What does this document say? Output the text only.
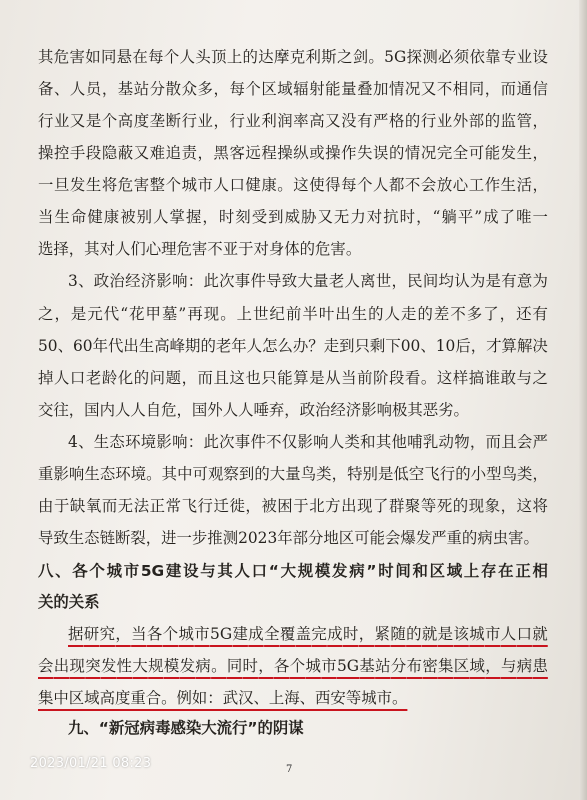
其 危 害 如 同 悬 在 每 个 人 头 顶 上 的 达 摩 克 利 斯 之 剑 。 5G 探 测 必 须 依 靠 专 业 设
备 、 人 员 ， 基 站 分 散 众 多 ， 每 个 区 域 辐 射 能 量 叠 加 情 况 又 不 相 同 ， 而 通 信
行 业 又 是 个 高 度 垄 断 行 业 ， 行 业 利 润 率 高 又 没 有 严 格 的 行 业 外 部 的 监 管 ，
操 控 手 段 隐 蔽 又 难 追 责 ， 黑 客 远 程 操 纵 或 操 作 失 误 的 情 况 完 全 可 能 发 生 ，
一 旦 发 生 将 危 害 整 个 城 市 人 口 健 康 。 这 使 得 每 个 人 都 不 会 放 心 工 作 生 活 ，
当 生 命 健 康 被 别 人 掌 握 ， 时 刻 受 到 威 胁 又 无 力 对 抗 时 ， “ 躺 平 ” 成 了 唯 一
选择，其对人们心理危害不亚于对身体的危害。
3 、 政 治 经 济 影 响 ： 此 次 事 件 导 致 大 量 老 人 离 世 ， 民 间 均 认 为 是 有 意 为
之 ， 是 元 代 “ 花 甲 墓 ” 再 现 。 上 世 纪 前 半 叶 出 生 的 人 走 的 差 不 多 了 ， 还 有
50 、 60 年 代 出 生 高 峰 期 的 老 年 人 怎 么 办 ？ 走 到 只 剩 下 00 、 10 后 ， 才 算 解 决
掉 人 口 老 龄 化 的 问 题 ， 而 且 这 也 只 能 算 是 从 当 前 阶 段 看 。 这 样 搞 谁 敢 与 之
交往，国内人人自危，国外人人唾弃，政治经济影响极其恶劣。
4 、 生 态 环 境 影 响 ： 此 次 事 件 不 仅 影 响 人 类 和 其 他 哺 乳 动 物 ， 而 且 会 严
重 影 响 生 态 环 境 。 其 中 可 观 察 到 的 大 量 鸟 类 ， 特 别 是 低 空 飞 行 的 小 型 鸟 类 ，
由 于 缺 氧 而 无 法 正 常 飞 行 迁 徙 ， 被 困 于 北 方 出 现 了 群 聚 等 死 的 现 象 ， 这 将
导致生态链断裂，进一步推测2023年部分地区可能会爆发严重的病虫害。
八 、 各 个 城 市 5G 建 设 与 其 人 口 “ 大 规 模 发 病 ” 时 间 和 区 域 上 存 在 正 相
关的关系
据 研 究 ， 当 各 个 城 市 5G 建 成 全 覆 盖 完 成 时 ， 紧 随 的 就 是 该 城 市 人 口 就
会 出 现 突 发 性 大 规 模 发 病 。 同 时 ， 各 个 城 市 5G 基 站 分 布 密 集 区 域 ， 与 病 患
集中区域高度重合。例如：武汉、上海、西安等城市。
九、“新冠病毒感染大流行”的阴谋
7
2023/01/21 08:23
